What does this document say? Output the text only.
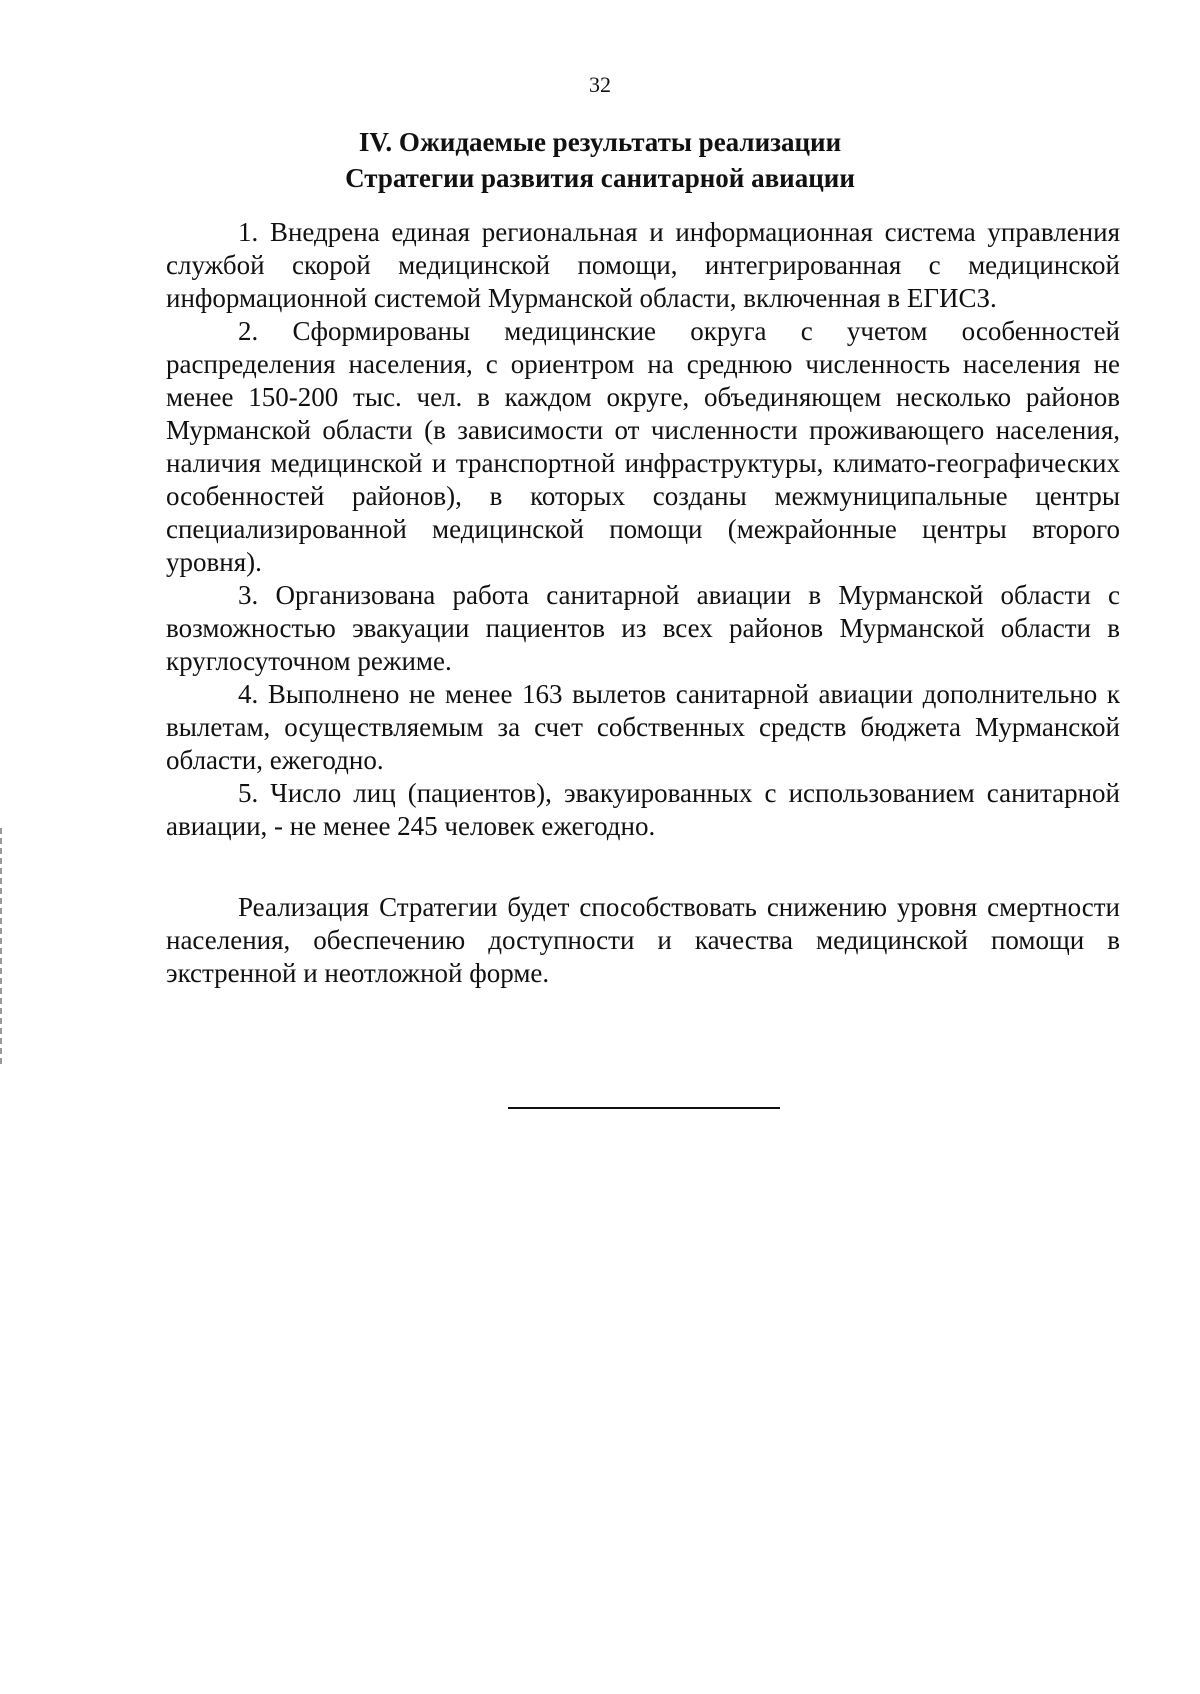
32
IV. Ожидаемые результаты реализации
Стратегии развития санитарной авиации

1. Внедрена единая региональная и информационная система управления службой скорой медицинской помощи, интегрированная с медицинской информационной системой Мурманской области, включенная в ЕГИСЗ.

2. Сформированы медицинские округа с учетом особенностей распределения населения, с ориентром на среднюю численность населения не менее 150-200 тыс. чел. в каждом округе, объединяющем несколько районов Мурманской области (в зависимости от численности проживающего населения, наличия медицинской и транспортной инфраструктуры, климато-географических особенностей районов), в которых созданы межмуниципальные центры специализированной медицинской помощи (межрайонные центры второго уровня).

3. Организована работа санитарной авиации в Мурманской области с возможностью эвакуации пациентов из всех районов Мурманской области в круглосуточном режиме.

4. Выполнено не менее 163 вылетов санитарной авиации дополнительно к вылетам, осуществляемым за счет собственных средств бюджета Мурманской области, ежегодно.

5. Число лиц (пациентов), эвакуированных с использованием санитарной авиации, - не менее 245 человек ежегодно.

Реализация Стратегии будет способствовать снижению уровня смертности населения, обеспечению доступности и качества медицинской помощи в экстренной и неотложной форме.
